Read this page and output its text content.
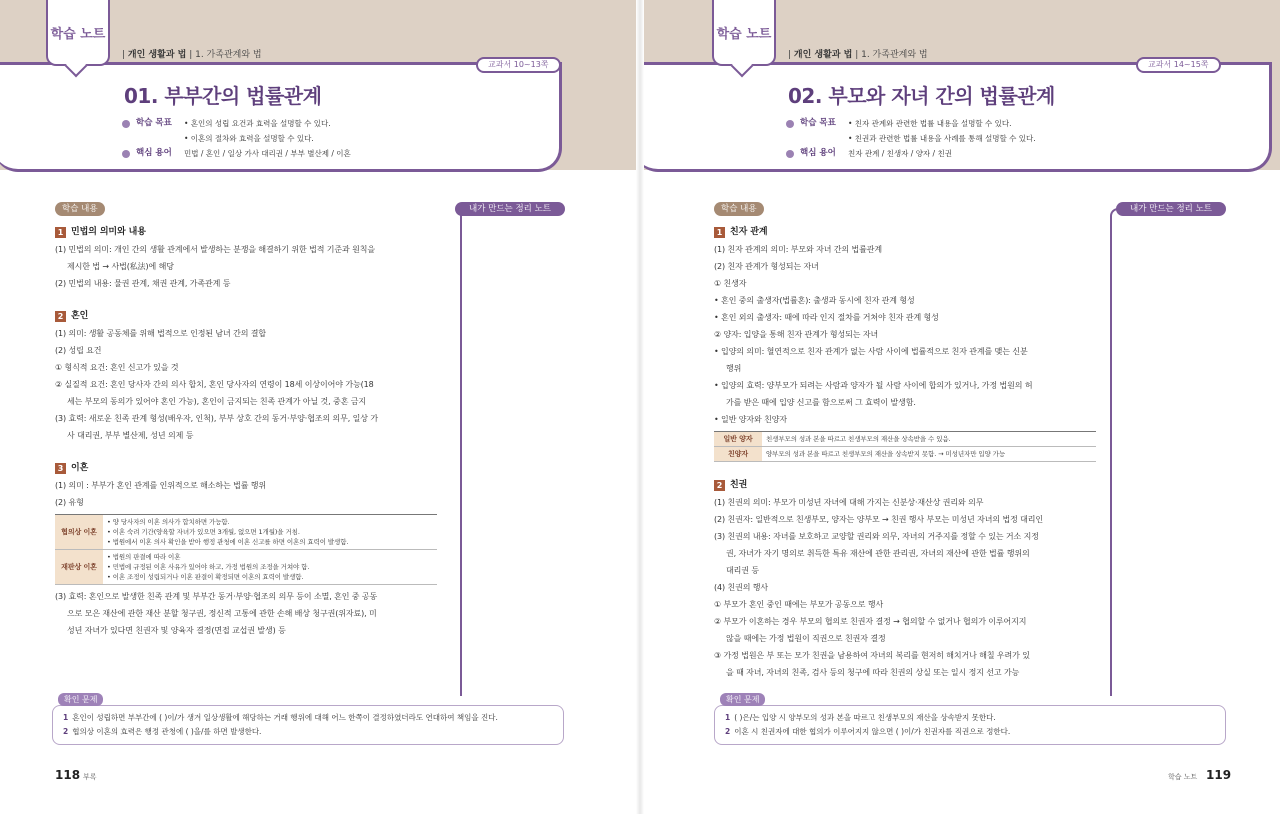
학습 노트
| 개인 생활과 법 | 1. 가족관계와 법
교과서 10~13쪽
01. 부부간의 법률관계
학습 목표 • 혼인의 성립 요건과 효력을 설명할 수 있다.
• 이혼의 절차와 효력을 설명할 수 있다.
핵심 용어 민법 / 혼인 / 일상 가사 대리권 / 부부 별산제 / 이혼
학습 내용	내가 만드는 정리 노트
1 민법의 의미와 내용
(1) 민법의 의미: 개인 간의 생활 관계에서 발생하는 분쟁을 해결하기 위한 법적 기준과 원칙을
제시한 법 → 사법(私法)에 해당
(2) 민법의 내용: 물권 관계, 채권 관계, 가족관계 등
2 혼인
(1) 의미: 생활 공동체를 위해 법적으로 인정된 남녀 간의 결합
(2) 성립 요건
① 형식적 요건: 혼인 신고가 있을 것
② 실질적 요건: 혼인 당사자 간의 의사 합치, 혼인 당사자의 연령이 18세 이상이어야 가능(18
세는 부모의 동의가 있어야 혼인 가능), 혼인이 금지되는 친족 관계가 아닐 것, 중혼 금지
(3) 효력: 새로운 친족 관계 형성(배우자, 인척), 부부 상호 간의 동거·부양·협조의 의무, 일상 가
사 대리권, 부부 별산제, 성년 의제 등
3 이혼
(1) 의미 : 부부가 혼인 관계를 인위적으로 해소하는 법률 행위
(2) 유형
협의상 이혼	• 양 당사자의 이혼 의사가 합치하면 가능함.
• 이혼 숙려 기간(양육할 자녀가 있으면 3개월, 없으면 1개월)을 거침.
• 법원에서 이혼 의사 확인을 받아 행정 관청에 이혼 신고를 하면 이혼의 효력이 발생함.

재판상 이혼	• 법원의 판결에 따라 이혼
• 민법에 규정된 이혼 사유가 있어야 하고, 가정 법원의 조정을 거쳐야 함.
• 이혼 조정이 성립되거나 이혼 판결이 확정되면 이혼의 효력이 발생함.
(3) 효력: 혼인으로 발생한 친족 관계 및 부부간 동거·부양·협조의 의무 등이 소멸, 혼인 중 공동
으로 모은 재산에 관한 재산 분할 청구권, 정신적 고통에 관한 손해 배상 청구권(위자료), 미
성년 자녀가 있다면 친권자 및 양육자 결정(면접 교섭권 발생) 등
확인 문제
1 혼인이 성립하면 부부간에 ( )이/가 생겨 일상생활에 해당하는 거래 행위에 대해 어느 한쪽이 결정하였더라도 연대하여 책임을 진다.
2 협의상 이혼의 효력은 행정 관청에 ( )을/를 하면 발생한다.
118 부록
학습 노트
| 개인 생활과 법 | 1. 가족관계와 법
교과서 14~15쪽
02. 부모와 자녀 간의 법률관계
학습 목표 • 친자 관계와 관련한 법률 내용을 설명할 수 있다.
• 친권과 관련한 법률 내용을 사례를 통해 설명할 수 있다.
핵심 용어 친자 관계 / 친생자 / 양자 / 친권
학습 내용	내가 만드는 정리 노트
1 친자 관계
(1) 친자 관계의 의미: 부모와 자녀 간의 법률관계
(2) 친자 관계가 형성되는 자녀
① 친생자
• 혼인 중의 출생자(법률혼): 출생과 동시에 친자 관계 형성
• 혼인 외의 출생자: 때에 따라 인지 절차를 거쳐야 친자 관계 형성
② 양자: 입양을 통해 친자 관계가 형성되는 자녀
• 입양의 의미: 혈연적으로 친자 관계가 없는 사람 사이에 법률적으로 친자 관계를 맺는 신분
행위
• 입양의 효력: 양부모가 되려는 사람과 양자가 될 사람 사이에 합의가 있거나, 가정 법원의 허
가를 받은 때에 입양 신고를 함으로써 그 효력이 발생함.
• 일반 양자와 친양자
일반 양자	친생부모의 성과 본을 따르고 친생부모의 재산을 상속받을 수 있음.
친양자	양부모의 성과 본을 따르고 친생부모의 재산을 상속받지 못함. → 미성년자만 입양 가능
2 친권
(1) 친권의 의미: 부모가 미성년 자녀에 대해 가지는 신분상·재산상 권리와 의무
(2) 친권자: 일반적으로 친생부모, 양자는 양부모 → 친권 행사 부모는 미성년 자녀의 법정 대리인
(3) 친권의 내용: 자녀를 보호하고 교양할 권리와 의무, 자녀의 거주지를 정할 수 있는 거소 지정
권, 자녀가 자기 명의로 취득한 특유 재산에 관한 관리권, 자녀의 재산에 관한 법률 행위의
대리권 등
(4) 친권의 행사
① 부모가 혼인 중인 때에는 부모가 공동으로 행사
② 부모가 이혼하는 경우 부모의 협의로 친권자 결정 → 협의할 수 없거나 협의가 이루어지지
않을 때에는 가정 법원이 직권으로 친권자 결정
③ 가정 법원은 부 또는 모가 친권을 남용하여 자녀의 복리를 현저히 해치거나 해칠 우려가 있
을 때 자녀, 자녀의 친족, 검사 등의 청구에 따라 친권의 상실 또는 일시 정지 선고 가능
확인 문제
1 ( )은/는 입양 시 양부모의 성과 본을 따르고 친생부모의 재산을 상속받지 못한다.
2 이혼 시 친권자에 대한 협의가 이루어지지 않으면 ( )이/가 친권자를 직권으로 정한다.
학습 노트 119
